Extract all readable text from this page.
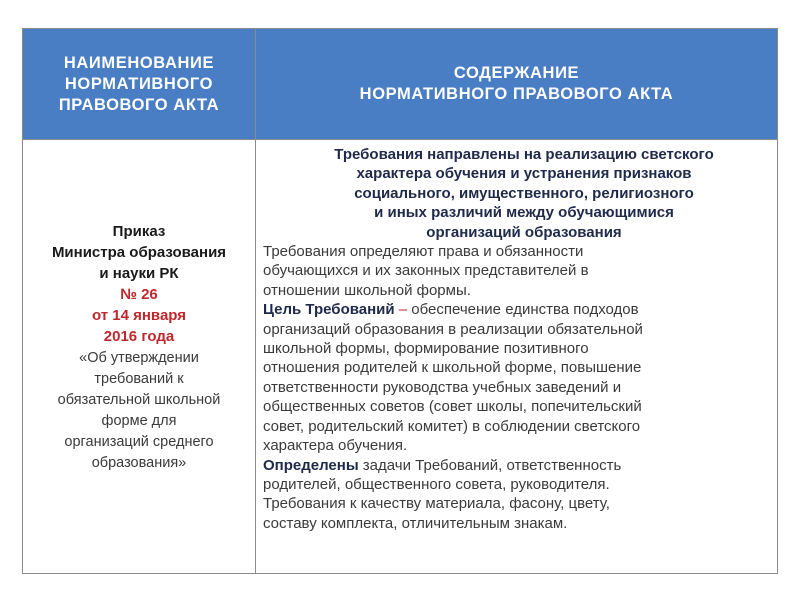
НАИМЕНОВАНИЕ
НОРМАТИВНОГО
ПРАВОВОГО АКТА
СОДЕРЖАНИЕ
НОРМАТИВНОГО ПРАВОВОГО АКТА
Приказ
Министра образования
и науки РК
№ 26
от 14 января
2016 года
«Об утверждении
требований к
обязательной школьной
форме для
организаций среднего
образования»
Требования направлены на реализацию светского
характера обучения и устранения признаков
социального, имущественного, религиозного
и иных различий между обучающимися
организаций образования
Требования определяют права и обязанности
обучающихся и их законных представителей в
отношении школьной формы.
Цель Требований – обеспечение единства подходов
организаций образования в реализации обязательной
школьной формы, формирование позитивного
отношения родителей к школьной форме, повышение
ответственности руководства учебных заведений и
общественных советов (совет школы, попечительский
совет, родительский комитет) в соблюдении светского
характера обучения.
Определены задачи Требований, ответственность
родителей, общественного совета, руководителя.
Требования к качеству материала, фасону, цвету,
составу комплекта, отличительным знакам.
